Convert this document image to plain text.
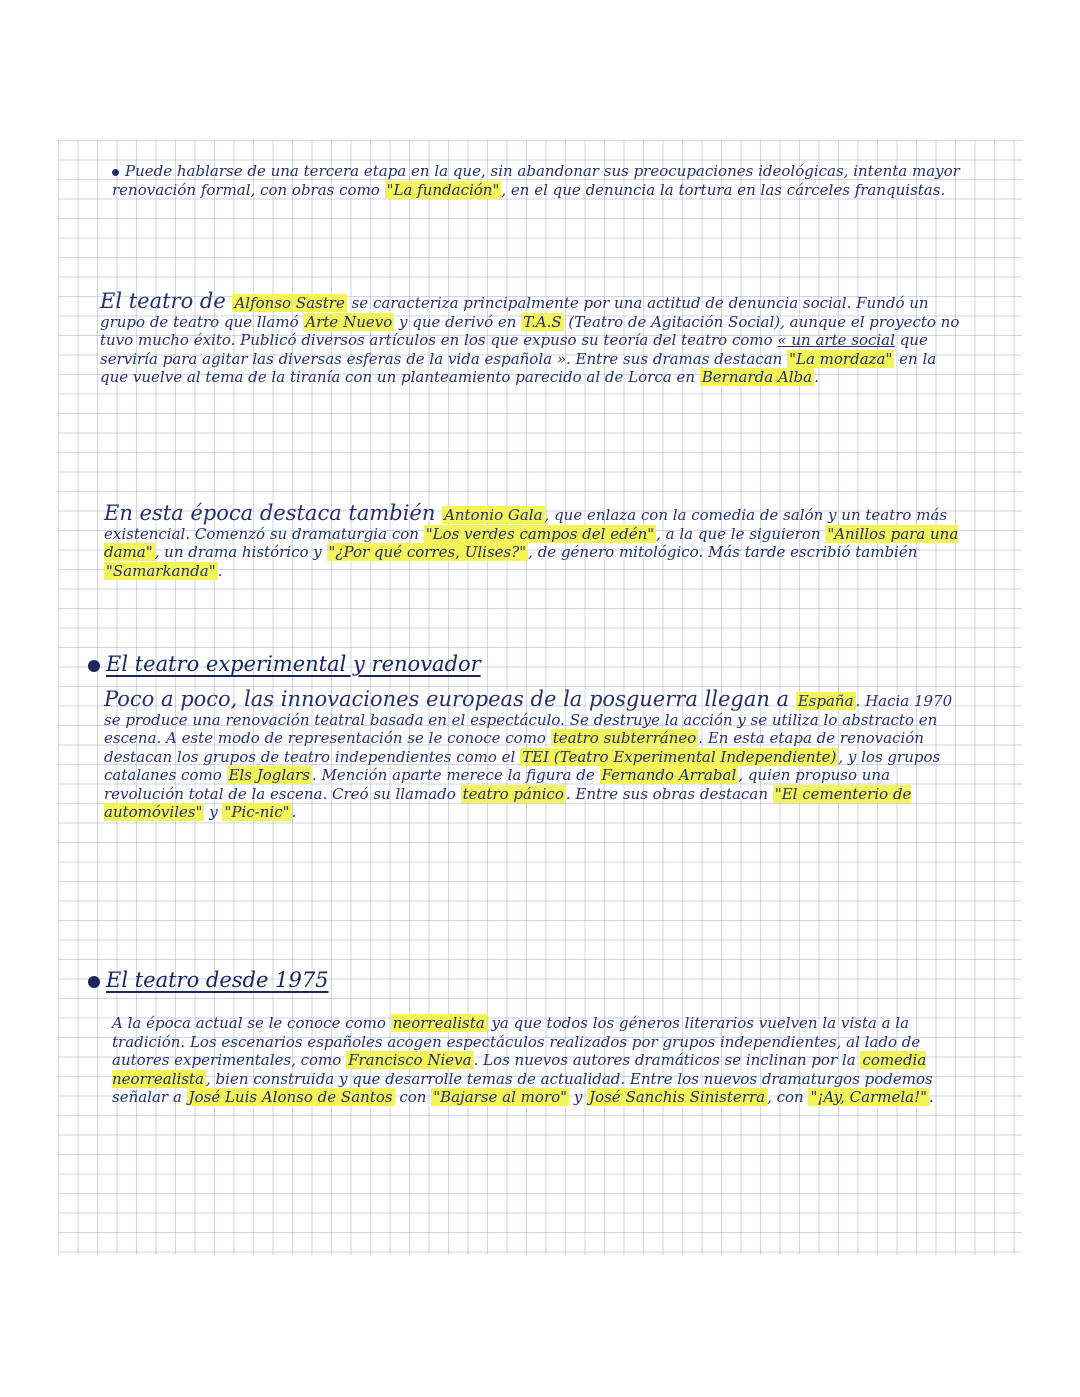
Puede hablarse de una tercera etapa en la que, sin abandonar sus preocupaciones ideológicas, intenta mayor renovación formal, con obras como "La fundación" , en el que denuncia la tortura en las cárceles franquistas.
El teatro de Alfonso Sastre se caracteriza principalmente por una actitud de denuncia social. Fundó un grupo de teatro que llamó Arte Nuevo y que derivó en T.A.S (Teatro de Agitación Social), aunque el proyecto no tuvo mucho éxito. Publicó diversos artículos en los que expuso su teoría del teatro como « un arte social que serviría para agitar las diversas esferas de la vida española ». Entre sus dramas destacan "La mordaza" en la que vuelve al tema de la tiranía con un planteamiento parecido al de Lorca en Bernarda Alba .
En esta época destaca también Antonio Gala , que enlaza con la comedia de salón y un teatro más existencial. Comenzó su dramaturgia con "Los verdes campos del edén" , a la que le siguieron "Anillos para una dama" , un drama histórico y "¿Por qué corres, Ulises?" , de género mitológico. Más tarde escribió también "Samarkanda" .
El teatro experimental y renovador
Poco a poco, las innovaciones europeas de la posguerra llegan a España . Hacia 1970 se produce una renovación teatral basada en el espectáculo. Se destruye la acción y se utiliza lo abstracto en escena. A este modo de representación se le conoce como teatro subterráneo . En esta etapa de renovación destacan los grupos de teatro independientes como el TEI (Teatro Experimental Independiente) , y los grupos catalanes como Els Joglars . Mención aparte merece la figura de Fernando Arrabal , quien propuso una revolución total de la escena. Creó su llamado teatro pánico . Entre sus obras destacan "El cementerio de automóviles" y "Pic-nic" .
El teatro desde 1975
A la época actual se le conoce como neorrealista ya que todos los géneros literarios vuelven la vista a la tradición. Los escenarios españoles acogen espectáculos realizados por grupos independientes, al lado de autores experimentales, como Francisco Nieva . Los nuevos autores dramáticos se inclinan por la comedia neorrealista , bien construida y que desarrolle temas de actualidad. Entre los nuevos dramaturgos podemos señalar a José Luis Alonso de Santos con "Bajarse al moro" y José Sanchis Sinisterra , con "¡Ay, Carmela!" .
